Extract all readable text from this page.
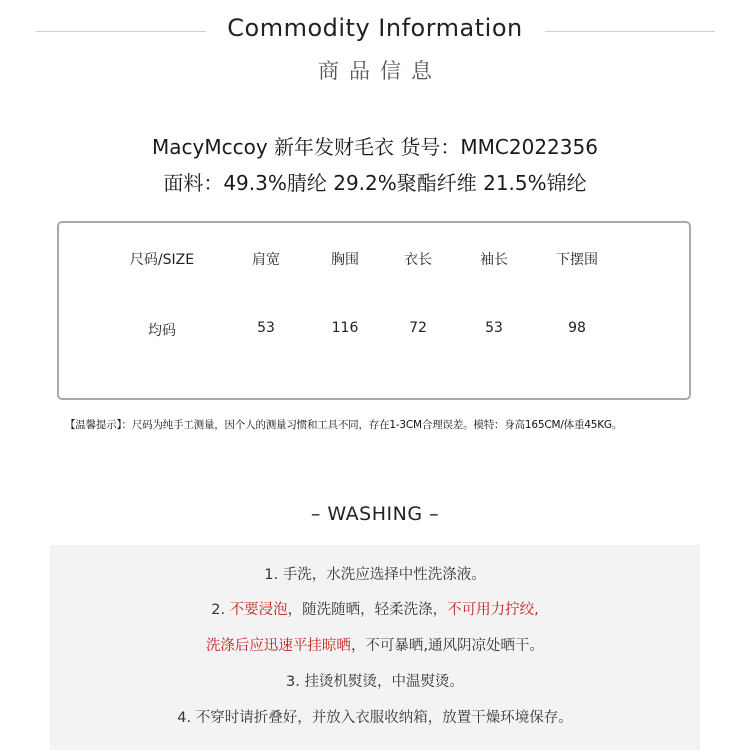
Commodity Information
商品信息
MacyMccoy 新年发财毛衣 货号：MMC2022356
面料：49.3%腈纶 29.2%聚酯纤维 21.5%锦纶
尺码/SIZE	肩宽	胸围	衣长	袖长	下摆围
均码	53	116	72	53	98
【温馨提示】：尺码为纯手工测量，因个人的测量习惯和工具不同，存在1-3CM合理误差。模特：身高165CM/体重45KG。
– WASHING –
1. 手洗，水洗应选择中性洗涤液。
2. 不要浸泡，随洗随晒，轻柔洗涤，不可用力拧绞,
洗涤后应迅速平挂晾晒，不可暴晒,通风阴凉处晒干。
3. 挂烫机熨烫，中温熨烫。
4. 不穿时请折叠好，并放入衣服收纳箱，放置干燥环境保存。
